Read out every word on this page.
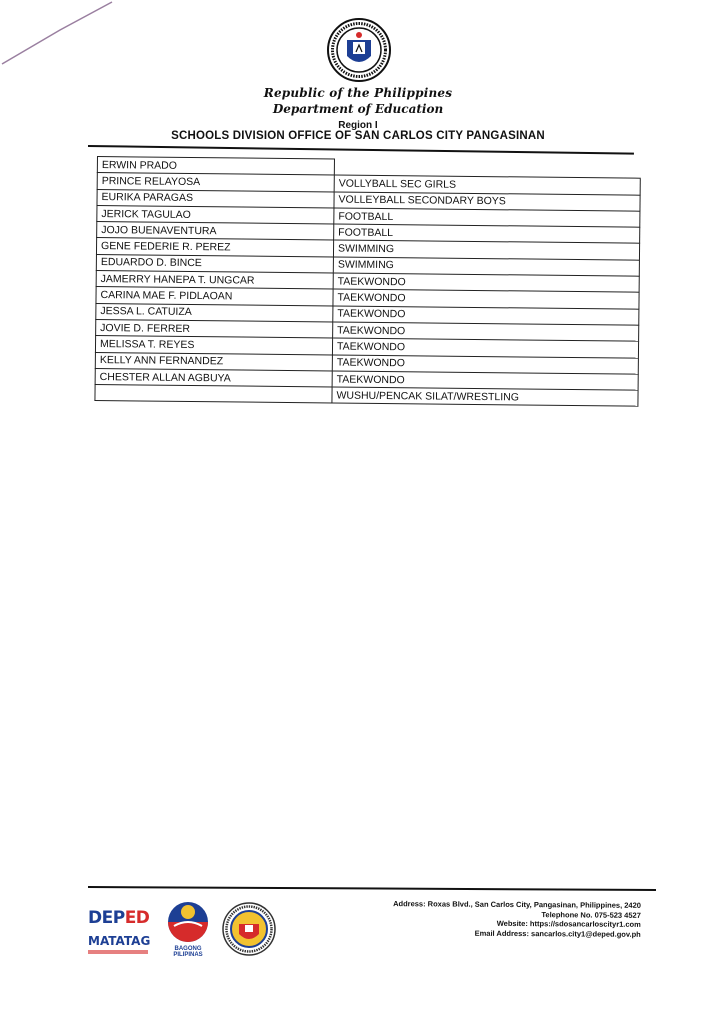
Republic of the Philippines
Department of Education
Region I
SCHOOLS DIVISION OFFICE OF SAN CARLOS CITY PANGASINAN
ERWIN PRADO	
PRINCE RELAYOSA	VOLLYBALL SEC GIRLS
EURIKA PARAGAS	VOLLEYBALL SECONDARY BOYS
JERICK TAGULAO	FOOTBALL
JOJO BUENAVENTURA	FOOTBALL
GENE FEDERIE R. PEREZ	SWIMMING
EDUARDO D. BINCE	SWIMMING
JAMERRY HANEPA T. UNGCAR	TAEKWONDO
CARINA MAE F. PIDLAOAN	TAEKWONDO
JESSA L. CATUIZA	TAEKWONDO
JOVIE D. FERRER	TAEKWONDO
MELISSA T. REYES	TAEKWONDO
KELLY ANN FERNANDEZ	TAEKWONDO
CHESTER ALLAN AGBUYA	TAEKWONDO
	WUSHU/PENCAK SILAT/WRESTLING
DEPED
MATATAG
BAGONG PILIPINAS
Address: Roxas Blvd., San Carlos City, Pangasinan, Philippines, 2420
Telephone No. 075-523 4527
Website: https://sdosancarloscityr1.com
Email Address: sancarlos.city1@deped.gov.ph
